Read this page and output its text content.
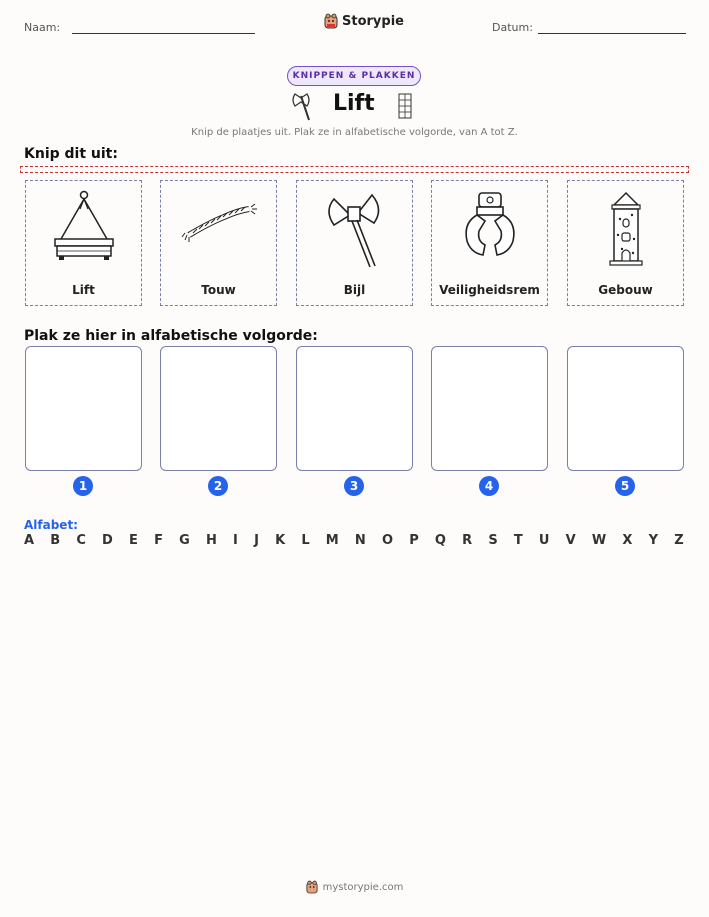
Naam:	Storypie	Datum:
KNIPPEN & PLAKKEN
Lift
Knip de plaatjes uit. Plak ze in alfabetische volgorde, van A tot Z.
Knip dit uit:
Lift	Touw	Bijl	Veiligheidsrem	Gebouw
Plak ze hier in alfabetische volgorde:
1	2	3	4	5
Alfabet:
A B C D E F G H I J K L M N O P Q R S T U V W X Y Z
mystorypie.com
